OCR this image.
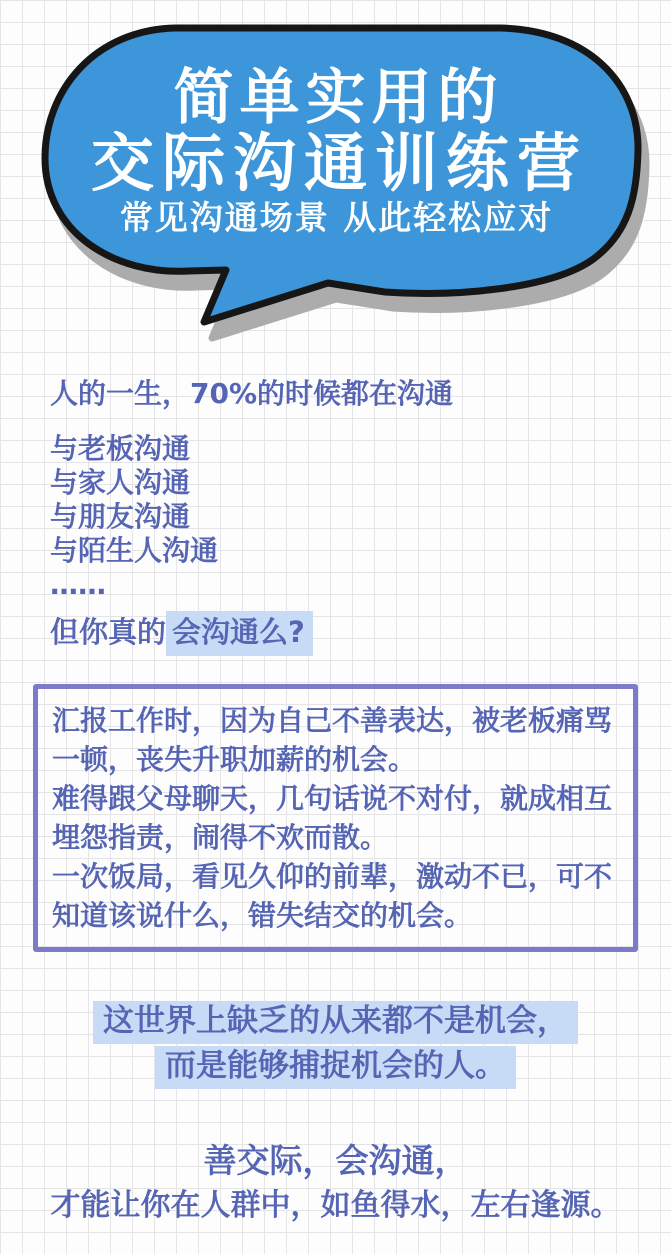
简单实用的
交际沟通训练营
常见沟通场景 从此轻松应对
人的一生，70%的时候都在沟通
与老板沟通
与家人沟通
与朋友沟通
与陌生人沟通
……
但你真的 会沟通么?
汇报工作时，因为自己不善表达，被老板痛骂
一顿，丧失升职加薪的机会。
难得跟父母聊天，几句话说不对付，就成相互
埋怨指责，闹得不欢而散。
一次饭局，看见久仰的前辈，激动不已，可不
知道该说什么，错失结交的机会。
这世界上缺乏的从来都不是机会，
而是能够捕捉机会的人。
善交际，会沟通，
才能让你在人群中，如鱼得水，左右逢源。
